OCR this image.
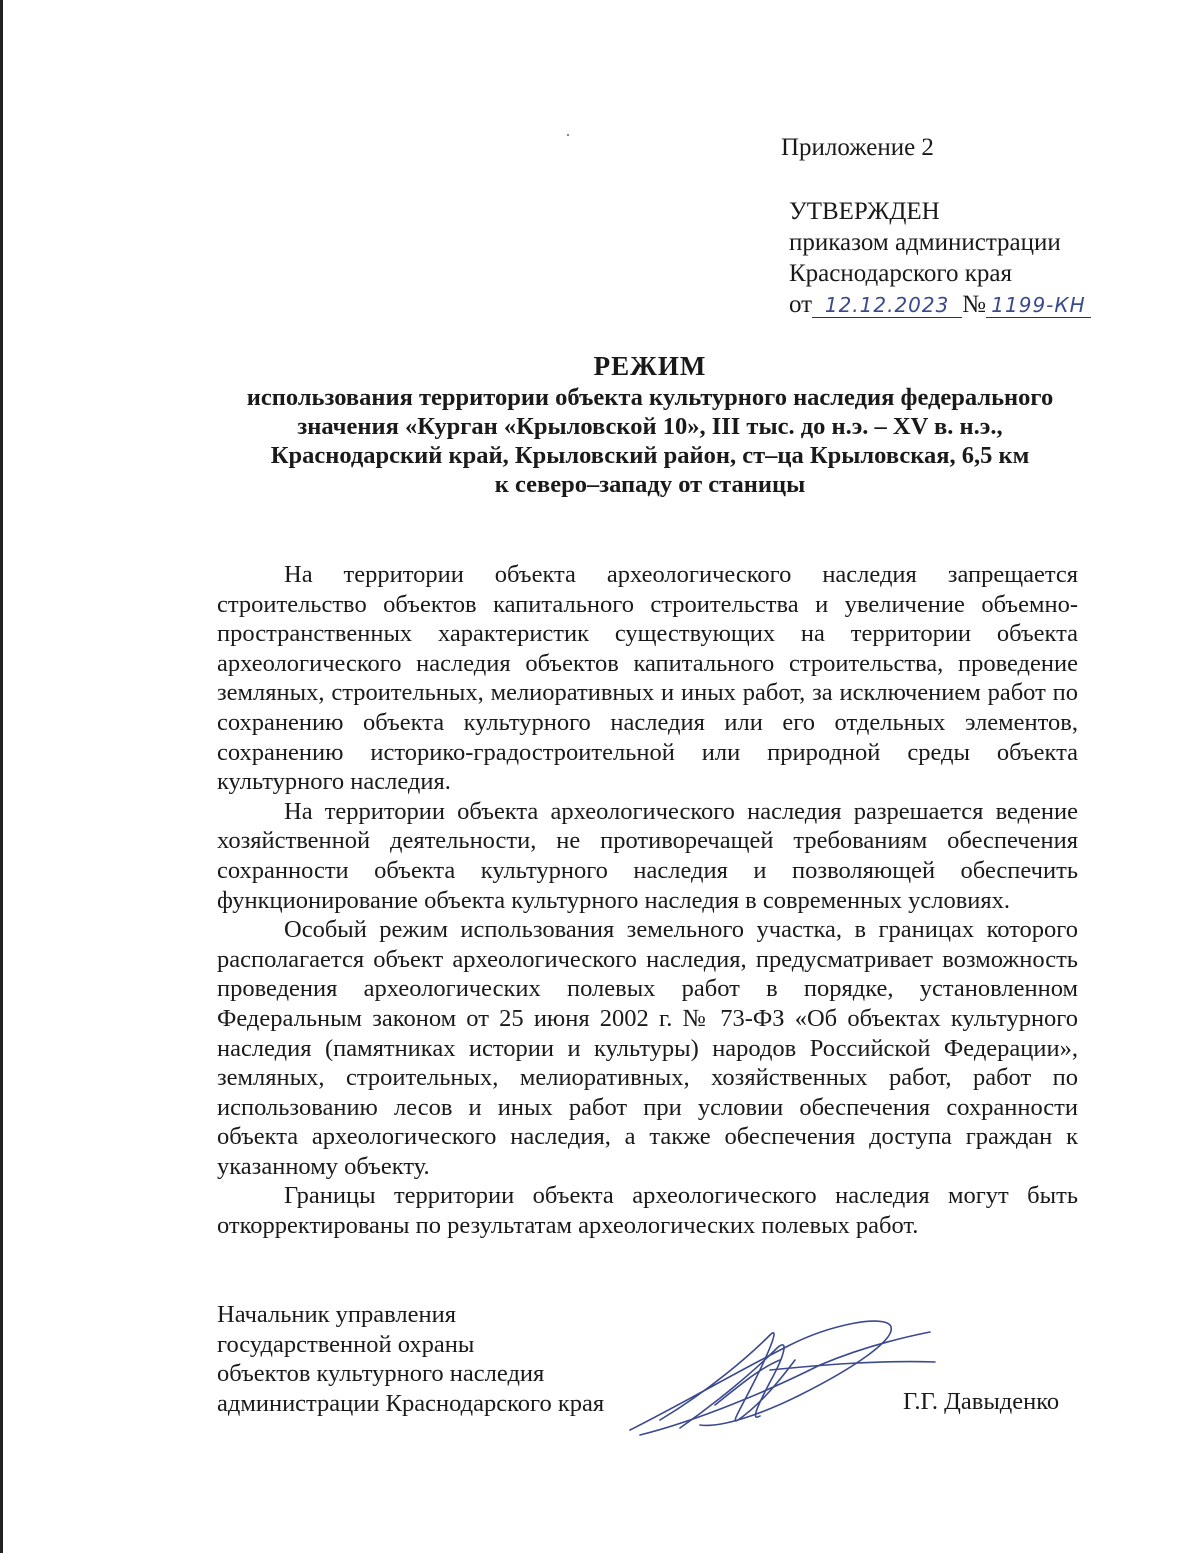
Приложение 2
УТВЕРЖДЕН
приказом администрации
Краснодарского края
от 12.12.2023 № 1199-КН
РЕЖИМ
использования территории объекта культурного наследия федерального
значения «Курган «Крыловской 10», III тыс. до н.э. – XV в. н.э.,
Краснодарский край, Крыловский район, ст–ца Крыловская, 6,5 км
к северо–западу от станицы

На территории объекта археологического наследия запрещается строительство объектов капитального строительства и увеличение объемно-пространственных характеристик существующих на территории объекта археологического наследия объектов капитального строительства, проведение земляных, строительных, мелиоративных и иных работ, за исключением работ по сохранению объекта культурного наследия или его отдельных элементов, сохранению историко-градостроительной или природной среды объекта культурного наследия.

На территории объекта археологического наследия разрешается ведение хозяйственной деятельности, не противоречащей требованиям обеспечения сохранности объекта культурного наследия и позволяющей обеспечить функционирование объекта культурного наследия в современных условиях.

Особый режим использования земельного участка, в границах которого располагается объект археологического наследия, предусматривает возможность проведения археологических полевых работ в порядке, установленном Федеральным законом от 25 июня 2002 г. № 73-ФЗ «Об объектах культурного наследия (памятниках истории и культуры) народов Российской Федерации», земляных, строительных, мелиоративных, хозяйственных работ, работ по использованию лесов и иных работ при условии обеспечения сохранности объекта археологического наследия, а также обеспечения доступа граждан к указанному объекту.

Границы территории объекта археологического наследия могут быть откорректированы по результатам археологических полевых работ.

Начальник управления
государственной охраны
объектов культурного наследия
администрации Краснодарского края	Г.Г. Давыденко
